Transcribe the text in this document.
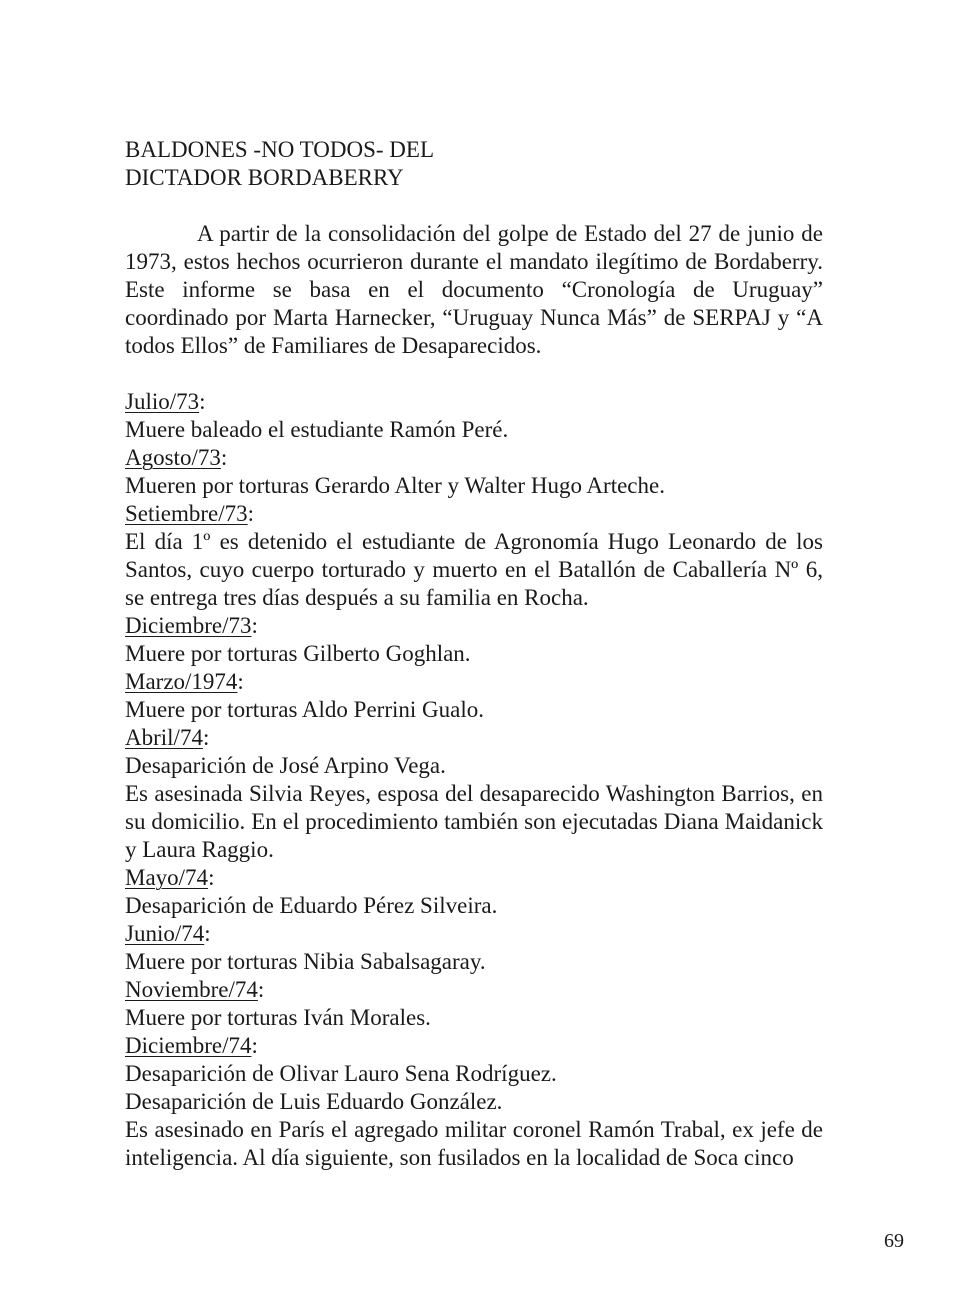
BALDONES -NO TODOS- DEL
DICTADOR BORDABERRY

A partir de la consolidación del golpe de Estado del 27 de junio de 1973, estos hechos ocurrieron durante el mandato ilegítimo de Bordaberry. Este informe se basa en el documento “Cronología de Uruguay” coordinado por Marta Harnecker, “Uruguay Nunca Más” de SERPAJ y “A todos Ellos” de Familiares de Desaparecidos.

Julio/73:
Muere baleado el estudiante Ramón Peré.
Agosto/73:
Mueren por torturas Gerardo Alter y Walter Hugo Arteche.
Setiembre/73:
El día 1º es detenido el estudiante de Agronomía Hugo Leonardo de los Santos, cuyo cuerpo torturado y muerto en el Batallón de Caballería Nº 6, se entrega tres días después a su familia en Rocha.
Diciembre/73:
Muere por torturas Gilberto Goghlan.
Marzo/1974:
Muere por torturas Aldo Perrini Gualo.
Abril/74:
Desaparición de José Arpino Vega.
Es asesinada Silvia Reyes, esposa del desaparecido Washington Barrios, en su domicilio. En el procedimiento también son ejecutadas Diana Maidanick y Laura Raggio.
Mayo/74:
Desaparición de Eduardo Pérez Silveira.
Junio/74:
Muere por torturas Nibia Sabalsagaray.
Noviembre/74:
Muere por torturas Iván Morales.
Diciembre/74:
Desaparición de Olivar Lauro Sena Rodríguez.
Desaparición de Luis Eduardo González.
Es asesinado en París el agregado militar coronel Ramón Trabal, ex jefe de inteligencia. Al día siguiente, son fusilados en la localidad de Soca cinco
69
